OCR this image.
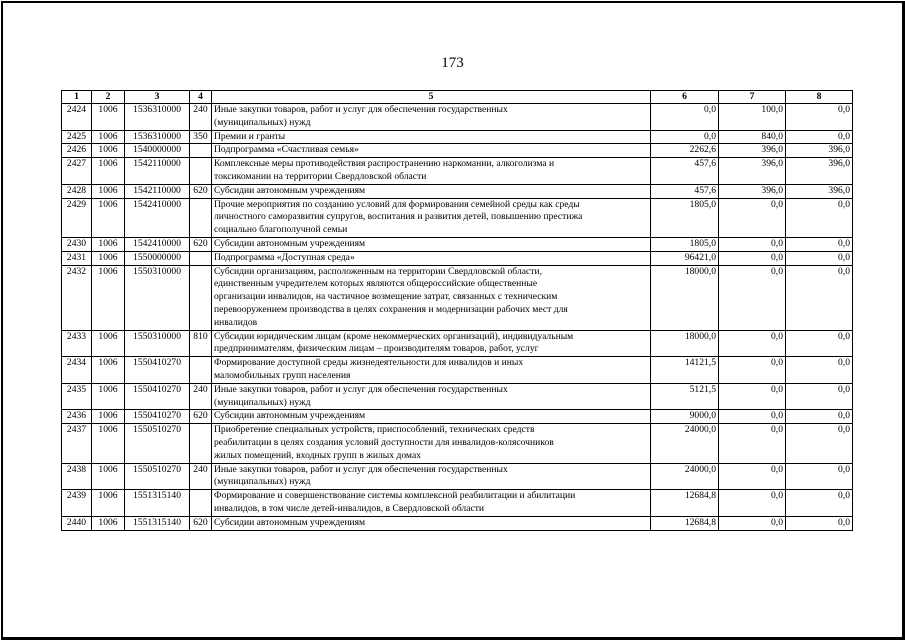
173
1	2	3	4	5	6	7	8
2424	1006	1536310000	240	Иные закупки товаров, работ и услуг для обеспечения государственных
(муниципальных) нужд	0,0	100,0	0,0
2425	1006	1536310000	350	Премии и гранты	0,0	840,0	0,0
2426	1006	1540000000		Подпрограмма «Счастливая семья»	2262,6	396,0	396,0
2427	1006	1542110000		Комплексные меры противодействия распространению наркомании, алкоголизма и
токсикомании на территории Свердловской области	457,6	396,0	396,0
2428	1006	1542110000	620	Субсидии автономным учреждениям	457,6	396,0	396,0
2429	1006	1542410000		Прочие мероприятия по созданию условий для формирования семейной среды как среды
личностного саморазвития супругов, воспитания и развития детей, повышению престижа
социально благополучной семьи	1805,0	0,0	0,0
2430	1006	1542410000	620	Субсидии автономным учреждениям	1805,0	0,0	0,0
2431	1006	1550000000		Подпрограмма «Доступная среда»	96421,0	0,0	0,0
2432	1006	1550310000		Субсидии организациям, расположенным на территории Свердловской области,
единственным учредителем которых являются общероссийские общественные
организации инвалидов, на частичное возмещение затрат, связанных с техническим
перевооружением производства в целях сохранения и модернизации рабочих мест для
инвалидов	18000,0	0,0	0,0
2433	1006	1550310000	810	Субсидии юридическим лицам (кроме некоммерческих организаций), индивидуальным
предпринимателям, физическим лицам – производителям товаров, работ, услуг	18000,0	0,0	0,0
2434	1006	1550410270		Формирование доступной среды жизнедеятельности для инвалидов и иных
маломобильных групп населения	14121,5	0,0	0,0
2435	1006	1550410270	240	Иные закупки товаров, работ и услуг для обеспечения государственных
(муниципальных) нужд	5121,5	0,0	0,0
2436	1006	1550410270	620	Субсидии автономным учреждениям	9000,0	0,0	0,0
2437	1006	1550510270		Приобретение специальных устройств, приспособлений, технических средств
реабилитации в целях создания условий доступности для инвалидов-колясочников
жилых помещений, входных групп в жилых домах	24000,0	0,0	0,0
2438	1006	1550510270	240	Иные закупки товаров, работ и услуг для обеспечения государственных
(муниципальных) нужд	24000,0	0,0	0,0
2439	1006	1551315140		Формирование и совершенствование системы комплексной реабилитации и абилитации
инвалидов, в том числе детей-инвалидов, в Свердловской области	12684,8	0,0	0,0
2440	1006	1551315140	620	Субсидии автономным учреждениям	12684,8	0,0	0,0
